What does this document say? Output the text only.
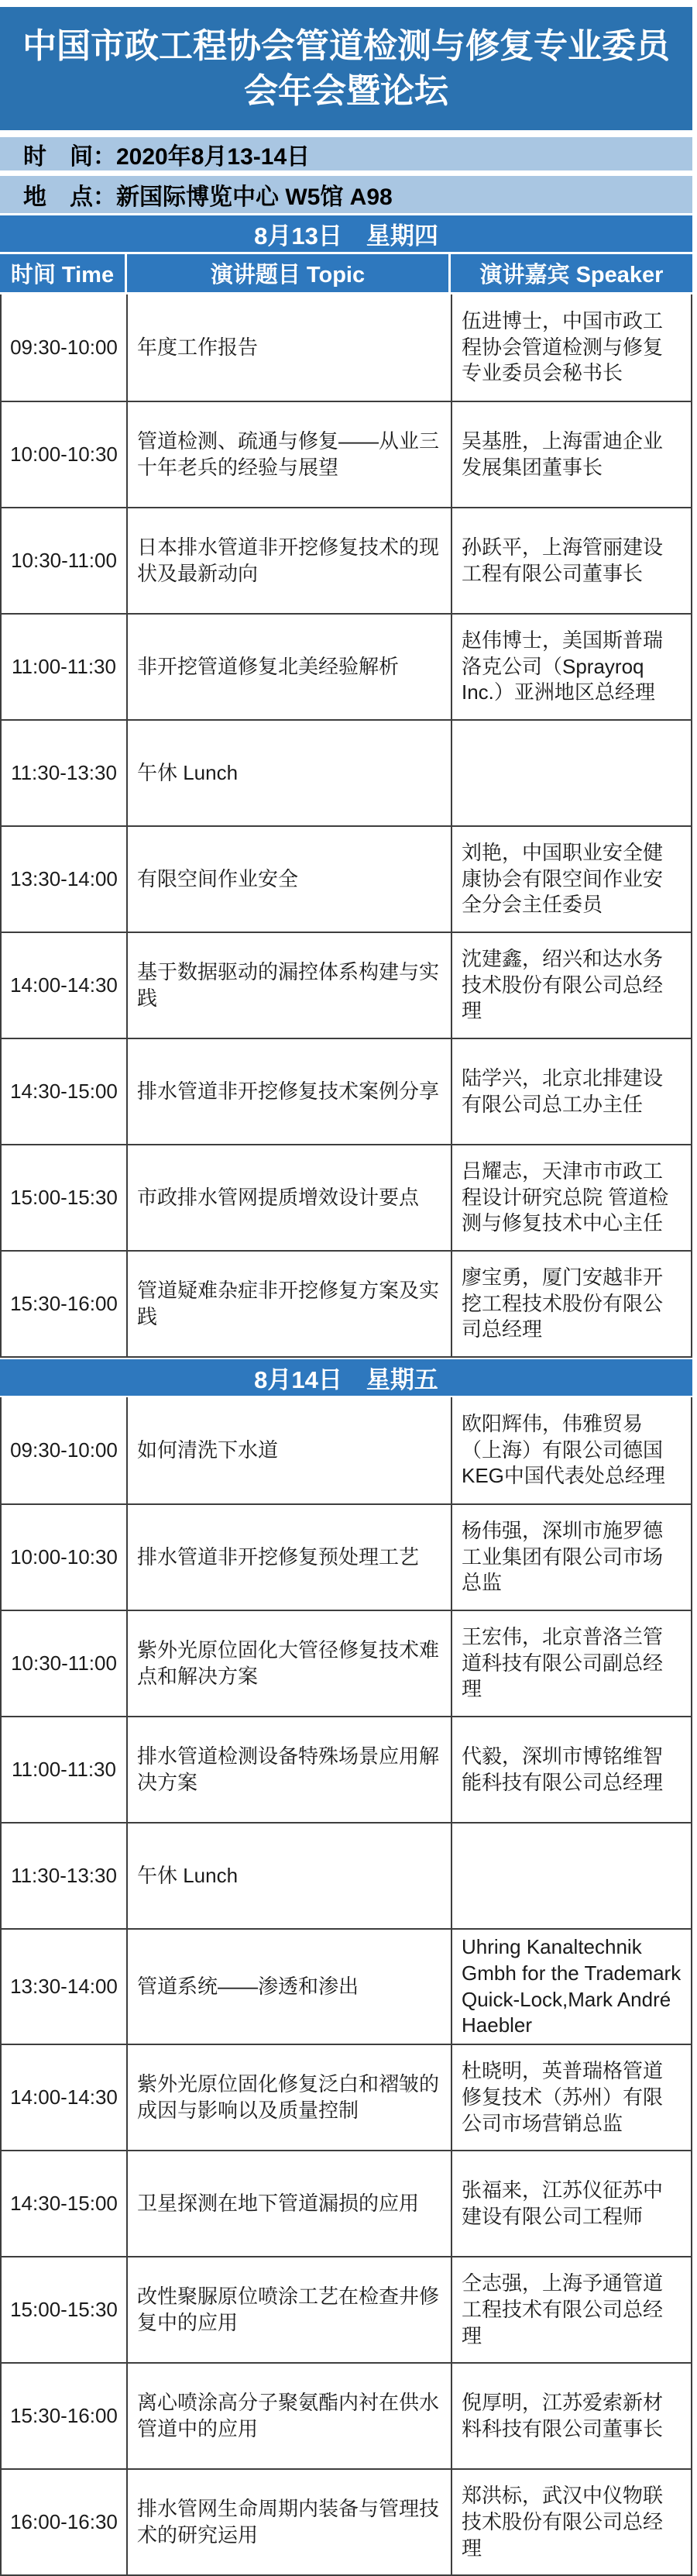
中国市政工程协会管道检测与修复专业委员会年会暨论坛
时　间：2020年8月13-14日
地　点：新国际博览中心 W5馆 A98
8月13日　星期四
时间 Time	演讲题目 Topic	演讲嘉宾 Speaker
09:30-10:00 年度工作报告
伍进博士，中国市政工程协会管道检测与修复专业委员会秘书长
10:00-10:30
管道检测、疏通与修复——从业三十年老兵的经验与展望
吴基胜，上海雷迪企业发展集团董事长
10:30-11:00
日本排水管道非开挖修复技术的现状及最新动向
孙跃平，上海管丽建设工程有限公司董事长
11:00-11:30 非开挖管道修复北美经验解析
赵伟博士，美国斯普瑞洛克公司（Sprayroq Inc.）亚洲地区总经理
11:30-13:30 午休 Lunch
13:30-14:00 有限空间作业安全
刘艳，中国职业安全健康协会有限空间作业安全分会主任委员
14:00-14:30
基于数据驱动的漏控体系构建与实践
沈建鑫，绍兴和达水务技术股份有限公司总经理
14:30-15:00 排水管道非开挖修复技术案例分享
陆学兴，北京北排建设有限公司总工办主任
15:00-15:30 市政排水管网提质增效设计要点
吕耀志，天津市市政工程设计研究总院 管道检测与修复技术中心主任
15:30-16:00
管道疑难杂症非开挖修复方案及实践
廖宝勇，厦门安越非开挖工程技术股份有限公司总经理
8月14日　星期五
09:30-10:00 如何清洗下水道
欧阳辉伟，伟雅贸易（上海）有限公司德国KEG中国代表处总经理
10:00-10:30 排水管道非开挖修复预处理工艺
杨伟强，深圳市施罗德工业集团有限公司市场总监
10:30-11:00
紫外光原位固化大管径修复技术难点和解决方案
王宏伟，北京普洛兰管道科技有限公司副总经理
11:00-11:30
排水管道检测设备特殊场景应用解决方案
代毅，深圳市博铭维智能科技有限公司总经理
11:30-13:30 午休 Lunch
13:30-14:00 管道系统——渗透和渗出
Uhring Kanaltechnik Gmbh for the Trademark Quick-Lock,Mark André Haebler
14:00-14:30
紫外光原位固化修复泛白和褶皱的成因与影响以及质量控制
杜晓明，英普瑞格管道修复技术（苏州）有限公司市场营销总监
14:30-15:00 卫星探测在地下管道漏损的应用
张福来，江苏仪征苏中建设有限公司工程师
15:00-15:30
改性聚脲原位喷涂工艺在检查井修复中的应用
仝志强，上海予通管道工程技术有限公司总经理
15:30-16:00
离心喷涂高分子聚氨酯内衬在供水管道中的应用
倪厚明，江苏爱索新材料科技有限公司董事长
16:00-16:30
排水管网生命周期内装备与管理技术的研究运用
郑洪标，武汉中仪物联技术股份有限公司总经理
